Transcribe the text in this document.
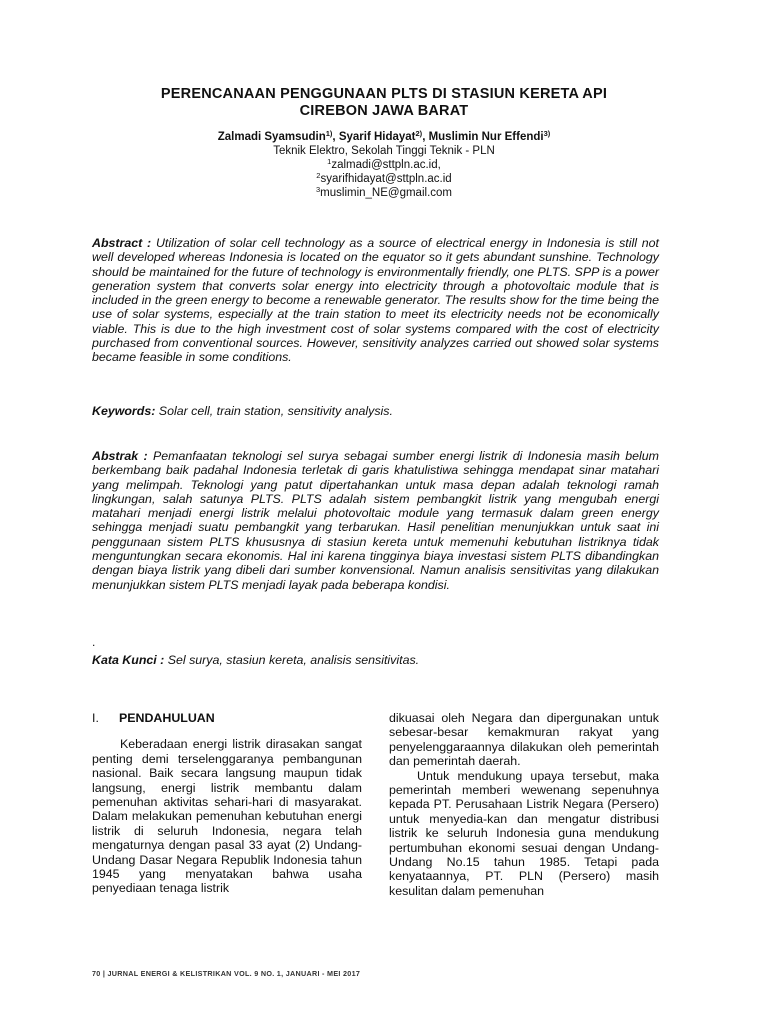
PERENCANAAN PENGGUNAAN PLTS DI STASIUN KERETA API
CIREBON JAWA BARAT
Zalmadi Syamsudin$^{1)}$, Syarif Hidayat$^{2)}$, Muslimin Nur Effendi$^{3)}$
Teknik Elektro, Sekolah Tinggi Teknik - PLN
$^1$zalmadi@sttpln.ac.id,
$^2$syarifhidayat@sttpln.ac.id
$^3$muslimin_NE@gmail.com

Abstract : Utilization of solar cell technology as a source of electrical energy in Indonesia is still not well developed whereas Indonesia is located on the equator so it gets abundant sunshine. Technology should be maintained for the future of technology is environmentally friendly, one PLTS. SPP is a power generation system that converts solar energy into electricity through a photovoltaic module that is included in the green energy to become a renewable generator. The results show for the time being the use of solar systems, especially at the train station to meet its electricity needs not be economically viable. This is due to the high investment cost of solar systems compared with the cost of electricity purchased from conventional sources. However, sensitivity analyzes carried out showed solar systems became feasible in some conditions.

Keywords: Solar cell, train station, sensitivity analysis.

Abstrak : Pemanfaatan teknologi sel surya sebagai sumber energi listrik di Indonesia masih belum berkembang baik padahal Indonesia terletak di garis khatulistiwa sehingga mendapat sinar matahari yang melimpah. Teknologi yang patut dipertahankan untuk masa depan adalah teknologi ramah lingkungan, salah satunya PLTS. PLTS adalah sistem pembangkit listrik yang mengubah energi matahari menjadi energi listrik melalui photovoltaic module yang termasuk dalam green energy sehingga menjadi suatu pembangkit yang terbarukan. Hasil penelitian menunjukkan untuk saat ini penggunaan sistem PLTS khususnya di stasiun kereta untuk memenuhi kebutuhan listriknya tidak menguntungkan secara ekonomis. Hal ini karena tingginya biaya investasi sistem PLTS dibandingkan dengan biaya listrik yang dibeli dari sumber konvensional. Namun analisis sensitivitas yang dilakukan menunjukkan sistem PLTS menjadi layak pada beberapa kondisi.

.

Kata Kunci : Sel surya, stasiun kereta, analisis sensitivitas.

I. PENDAHULUAN

Keberadaan energi listrik dirasakan sangat penting demi terselenggaranya pembangunan nasional. Baik secara langsung maupun tidak langsung, energi listrik membantu dalam pemenuhan aktivitas sehari-hari di masyarakat. Dalam melakukan pemenuhan kebutuhan energi listrik di seluruh Indonesia, negara telah mengaturnya dengan pasal 33 ayat (2) Undang-Undang Dasar Negara Republik Indonesia tahun 1945 yang menyatakan bahwa usaha penyediaan tenaga listrik

dikuasai oleh Negara dan dipergunakan untuk sebesar-besar kemakmuran rakyat yang penyelenggaraannya dilakukan oleh pemerintah dan pemerintah daerah.

Untuk mendukung upaya tersebut, maka pemerintah memberi wewenang sepenuhnya kepada PT. Perusahaan Listrik Negara (Persero) untuk menyedia-kan dan mengatur distribusi listrik ke seluruh Indonesia guna mendukung pertumbuhan ekonomi sesuai dengan Undang-Undang No.15 tahun 1985. Tetapi pada kenyataannya, PT. PLN (Persero) masih kesulitan dalam pemenuhan

70 | JURNAL ENERGI & KELISTRIKAN VOL. 9 NO. 1, JANUARI - MEI 2017
